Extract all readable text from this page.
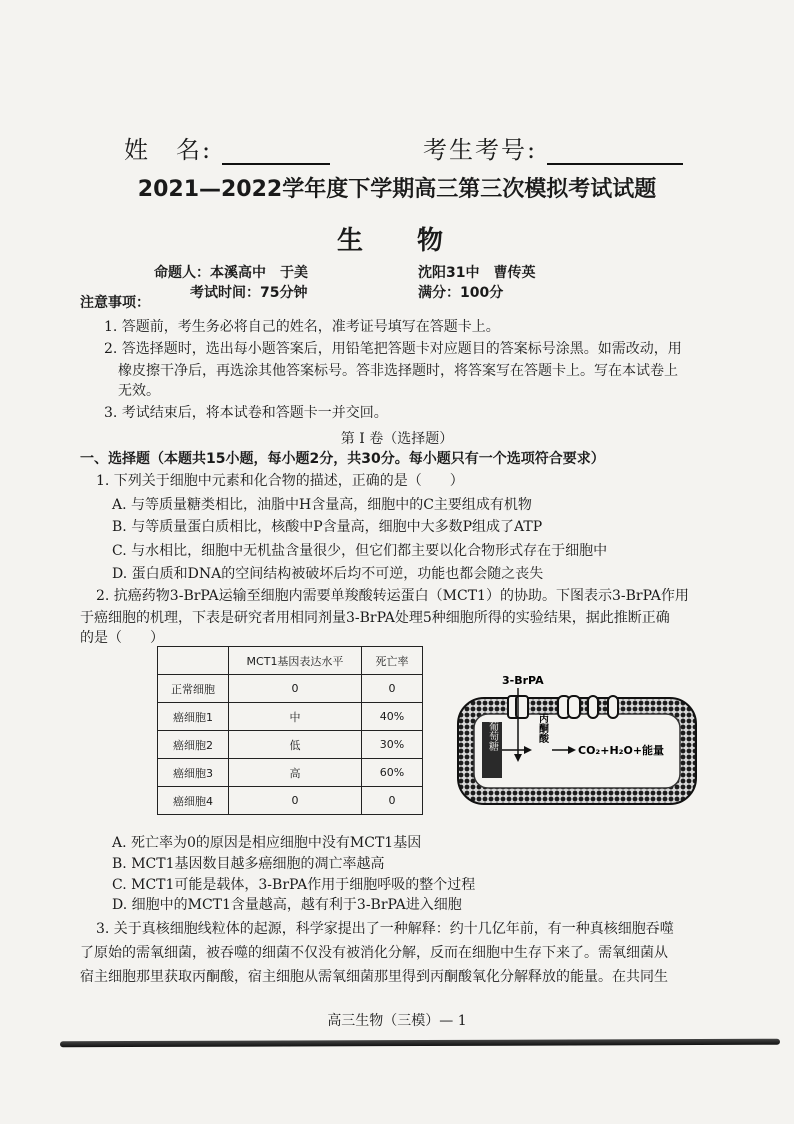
姓　名:	考生考号:
2021—2022学年度下学期高三第三次模拟考试试题
生　物
命题人：本溪高中　于美	沈阳31中　曹传英
考试时间：75分钟	满分：100分
注意事项：
1. 答题前，考生务必将自己的姓名，准考证号填写在答题卡上。
2. 答选择题时，选出每小题答案后，用铅笔把答题卡对应题目的答案标号涂黑。如需改动，用
橡皮擦干净后，再选涂其他答案标号。答非选择题时，将答案写在答题卡上。写在本试卷上
无效。
3. 考试结束后，将本试卷和答题卡一并交回。
第 I 卷（选择题）
一、选择题（本题共15小题，每小题2分，共30分。每小题只有一个选项符合要求）
1. 下列关于细胞中元素和化合物的描述，正确的是（　　）
A. 与等质量糖类相比，油脂中H含量高，细胞中的C主要组成有机物
B. 与等质量蛋白质相比，核酸中P含量高，细胞中大多数P组成了ATP
C. 与水相比，细胞中无机盐含量很少，但它们都主要以化合物形式存在于细胞中
D. 蛋白质和DNA的空间结构被破坏后均不可逆，功能也都会随之丧失
2. 抗癌药物3-BrPA运输至细胞内需要单羧酸转运蛋白（MCT1）的协助。下图表示3-BrPA作用
于癌细胞的机理，下表是研究者用相同剂量3-BrPA处理5种细胞所得的实验结果，据此推断正确
的是（　　）
	MCT1基因表达水平	死亡率
正常细胞	0	0
癌细胞1	中	40%
癌细胞2	低	30%
癌细胞3	高	60%
癌细胞4	0	0
3-BrPA
葡萄糖	丙酮酸
CO₂+H₂O+能量
A. 死亡率为0的原因是相应细胞中没有MCT1基因
B. MCT1基因数目越多癌细胞的凋亡率越高
C. MCT1可能是载体，3-BrPA作用于细胞呼吸的整个过程
D. 细胞中的MCT1含量越高，越有利于3-BrPA进入细胞
3. 关于真核细胞线粒体的起源，科学家提出了一种解释：约十几亿年前，有一种真核细胞吞噬
了原始的需氧细菌，被吞噬的细菌不仅没有被消化分解，反而在细胞中生存下来了。需氧细菌从
宿主细胞那里获取丙酮酸，宿主细胞从需氧细菌那里得到丙酮酸氧化分解释放的能量。在共同生
高三生物（三模）— 1
